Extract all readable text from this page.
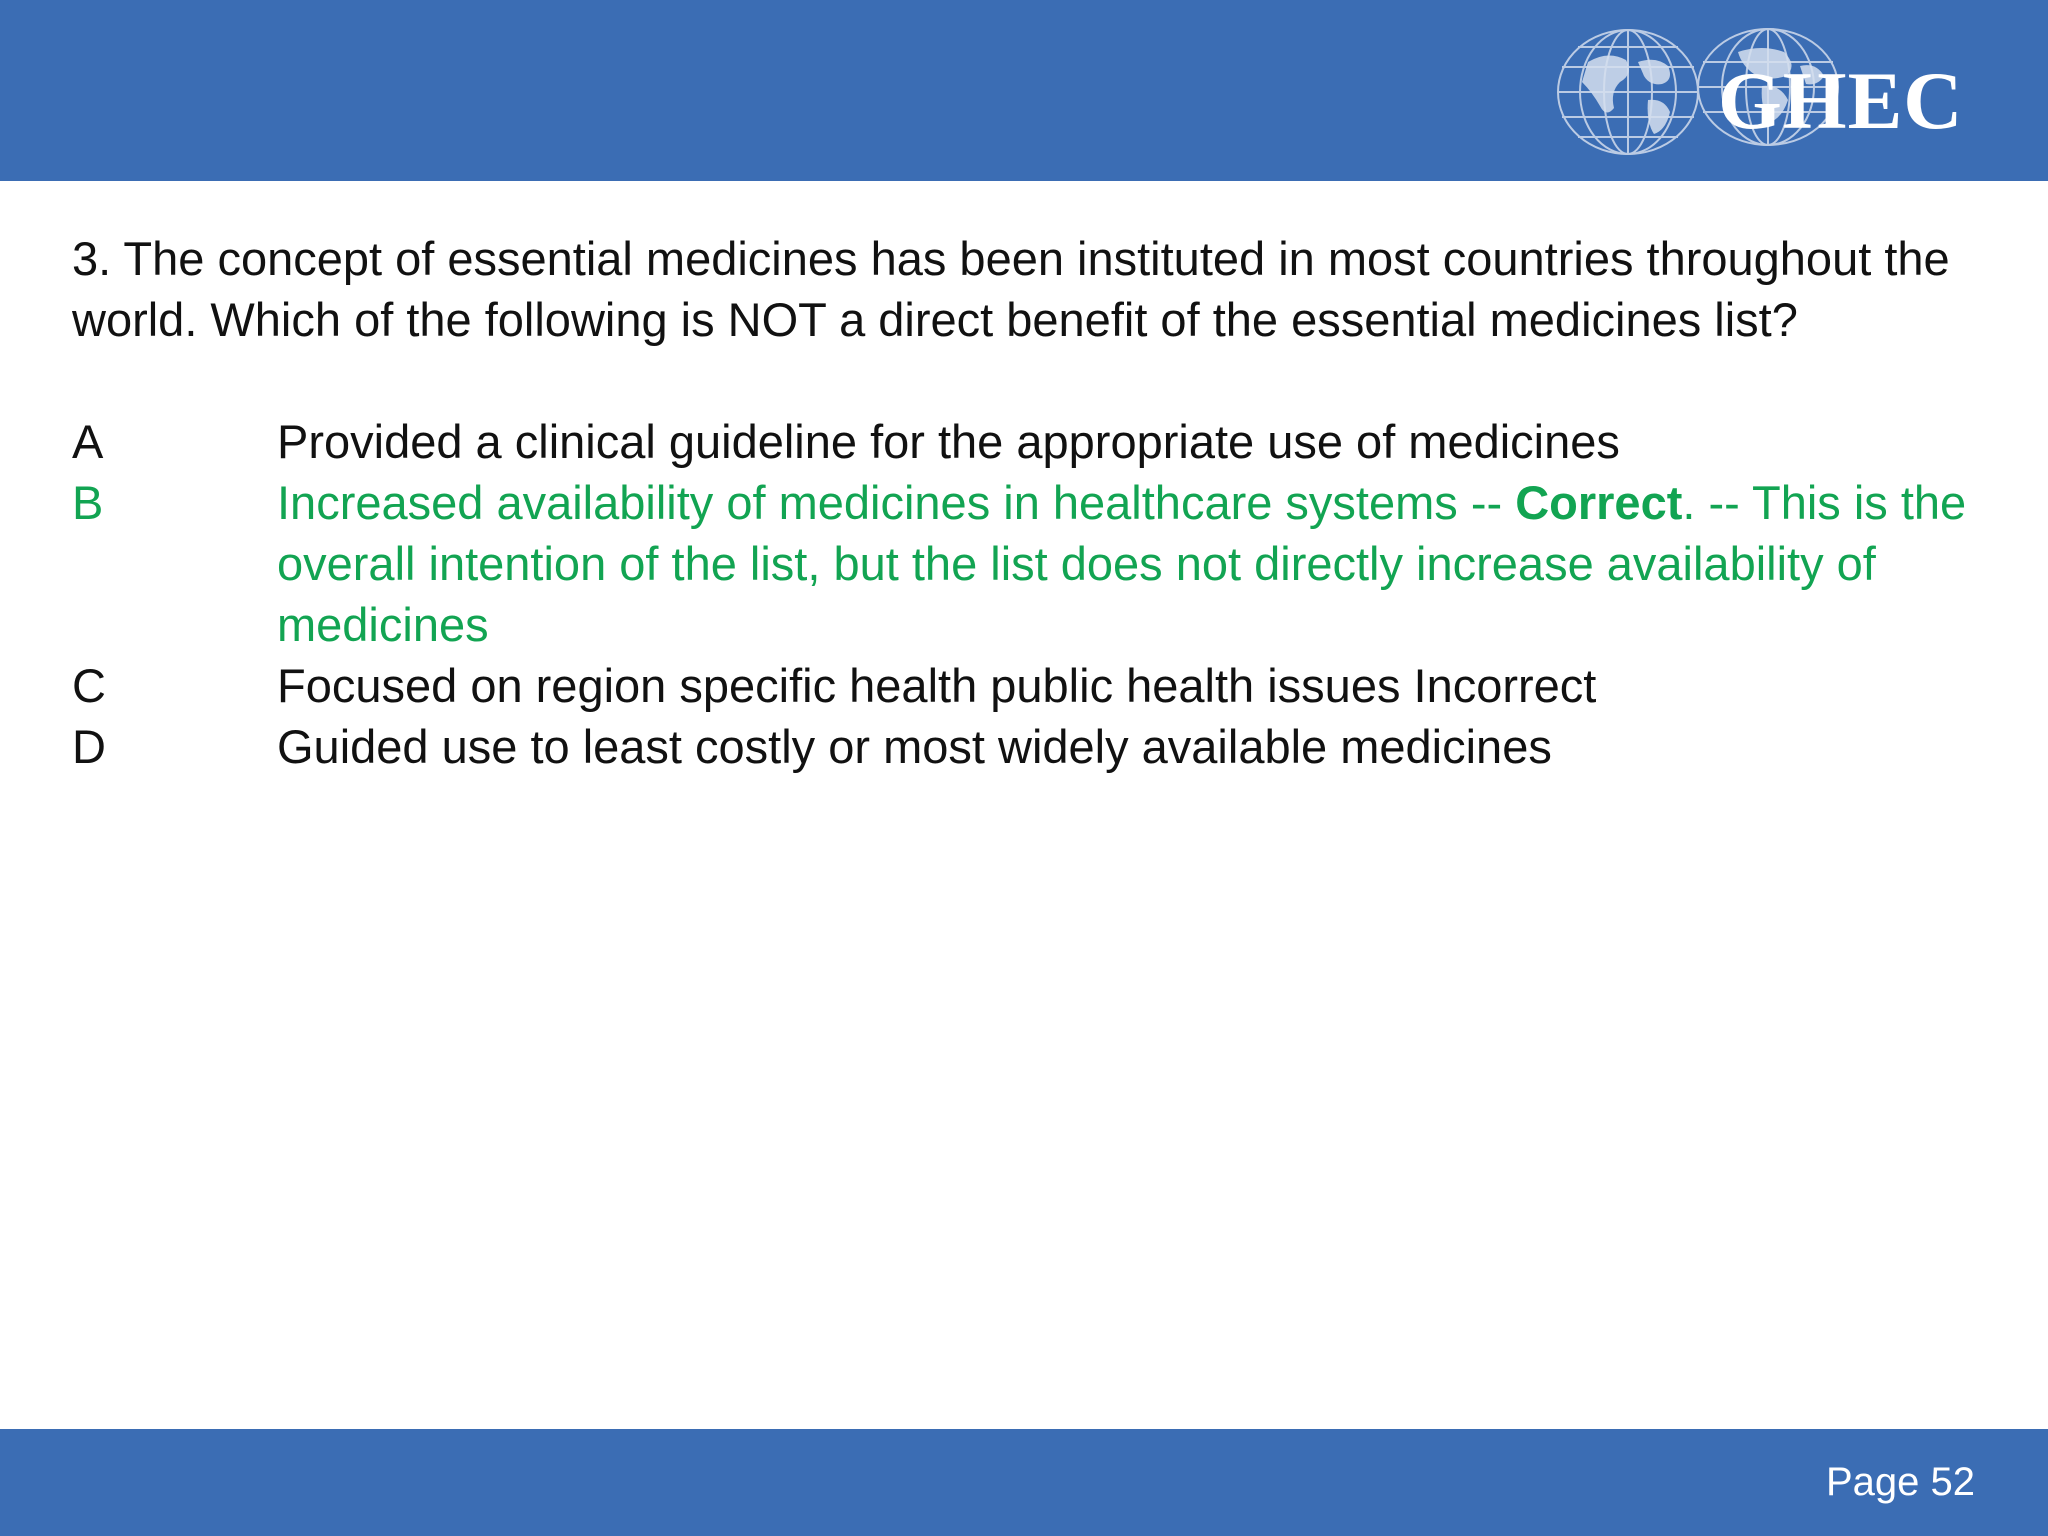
GHEC

3. The concept of essential medicines has been instituted in most countries throughout the world. Which of the following is NOT a direct benefit of the essential medicines list?

A	Provided a clinical guideline for the appropriate use of medicines
B	Increased availability of medicines in healthcare systems -- Correct. -- This is the overall intention of the list, but the list does not directly increase availability of medicines
C	Focused on region specific health public health issues Incorrect
D	Guided use to least costly or most widely available medicines
Page 52
